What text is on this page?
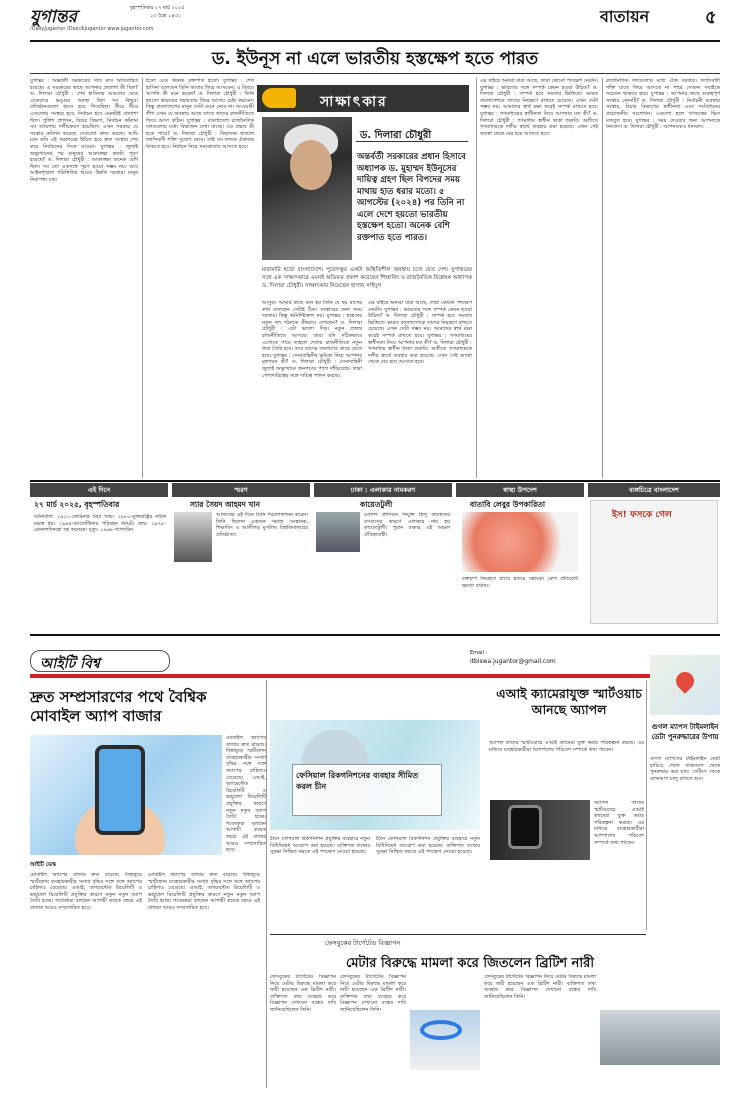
যুগান্তর	বৃহস্পতিবার ২৭ মার্চ ২০২৫
১৩ চৈত্র ১৪৩১
/DailyJugantor /DainikJugantor www.jugantor.com
বাতায়ন	৫
ড. ইউনূস না এলে ভারতীয় হস্তক্ষেপ হতে পারত
যুগান্তর : অন্তর্বর্তী সরকারের সাত মাস অতিবাহিত হয়েছে। এ সরকারের কাছে আপনার প্রত্যাশা কী ছিল? ড. দিলারা চৌধুরী : শেখ হাসিনার আমলের যেরে একেবারে ভঙ্গুর অবস্থা ছিল সব কিছুর। প্রতিষ্ঠানগুলো ধ্বংস হয়ে গিয়েছিল। ধীরে ধীরে এগুলোর সংস্কার হবে, নির্বাচন হবে এমনটাই প্রত্যাশা ছিল। পুলিশ প্রশাসন, বিচার বিভাগ, নির্বাচন কমিশন সব জায়গায় দলীয়করণ হয়েছিল। এখন সরকার যে সংস্কার কমিশন করেছে সেগুলো কাজ করছে। আমি মনে করি এই সরকারের উচিত হবে দ্রুত সংস্কার শেষ করে নির্বাচনের দিকে যাওয়া। যুগান্তর : জুলাই অভ্যুত্থানের পর মানুষের আকাঙ্ক্ষা কতটা পূরণ হয়েছে? ড. দিলারা চৌধুরী : আকাঙ্ক্ষা অনেক বেশি ছিল। সব তো একসঙ্গে পূরণ হওয়া সম্ভব নয়। তবে আইনশৃঙ্খলা পরিস্থিতির আরও উন্নতি দরকার। মানুষ নিরাপত্তা চায়।
হতো এবং অনেক রক্তপাত হতো। যুগান্তর : শেখ হাসিনা বলেছেন তিনি আবার ফিরে আসবেন। এ বিষয়ে আপনি কী মনে করেন? ড. দিলারা চৌধুরী : তিনি হয়তো ভারতের সহায়তায় ফিরে আসার চেষ্টা করবেন। কিন্তু বাংলাদেশের মানুষ সেটা মেনে নেবে না। আওয়ামী লীগ এখন যে অবস্থায় আছে তাতে তাদের রাজনীতিতে ফিরে আসা কঠিন। যুগান্তর : বাংলাদেশে রাজনৈতিক দলগুলোর মধ্যে বিভাজন দেখা যাচ্ছে। এর প্রভাব কী হতে পারে? ড. দিলারা চৌধুরী : বিভাজন থাকলে ফ্যাসিবাদী শক্তি সুযোগ নেবে। তাই সব দলকে ঐক্যবদ্ধ থাকতে হবে। নির্বাচন নিয়ে সমঝোতায় আসতে হবে।
সাক্ষাৎকার
ড. দিলারা চৌধুরী
অন্তর্বর্তী সরকারের প্রধান হিসাবে অধ্যাপক ড. মুহাম্মদ ইউনূসের দায়িত্ব গ্রহণ ছিল বিপদের সময় মাথায় হাত ধরার মতো। ৫ আগস্টের (২০২৪) পর তিনি না এলে দেশে হয়তো ভারতীয় হস্তক্ষেপ হতো। অনেক বেশি রক্তপাত হতে পারত।
মারামারি হতো বাংলাদেশে। পুরোদস্তুর একটা অস্থিতিশীল অবস্থায় চলে যেত দেশ। যুগান্তরের সঙ্গে এক সাক্ষাৎকারে এমনই অভিমত প্রকাশ করেছেন শিক্ষাবিদ ও রাজনৈতিক বিশ্লেষক অধ্যাপক ড. দিলারা চৌধুরী। সাক্ষাৎকার নিয়েছেন হাসান সাইদুল
আসুক। আমার কাছে মনে হয় তিনি যে ছয় মাসের কথা বলেছেন সেটাই ঠিক। সংস্কারের জন্য সময় দরকার। কিন্তু অনির্দিষ্টকাল নয়। যুগান্তর : ছাত্রদের নতুন দল গঠনকে কীভাবে দেখছেন? ড. দিলারা চৌধুরী : এটা ভালো দিক। নতুন প্রজন্ম রাজনীতিতে আসছে। তারা যদি সঠিকভাবে এগোতে পারে তাহলে দেশের রাজনীতিতে নতুন ধারা তৈরি হবে। তবে তাদের জনগণের কাছে যেতে হবে। যুগান্তর : সেনাবাহিনীর ভূমিকা নিয়ে আপনার মূল্যায়ন কী? ড. দিলারা চৌধুরী : সেনাবাহিনী জুলাই অভ্যুত্থানে জনগণের পাশে দাঁড়িয়েছে। তারা পেশাদারিত্বের সঙ্গে দায়িত্ব পালন করছে।
এর বাইরে অন্যরা যারা আছে, তারা কোনো পদক্ষেপ নেয়নি। যুগান্তর : ভারতের সঙ্গে সম্পর্ক কেমন হওয়া উচিত? ড. দিলারা চৌধুরী : সম্পর্ক হবে সমতার ভিত্তিতে। ভারত বাংলাদেশকে তাদের নিয়ন্ত্রণে রাখতে চেয়েছে। এখন সেটা সম্ভব নয়। আমাদের স্বার্থ রক্ষা করেই সম্পর্ক রাখতে হবে। যুগান্তর : গণমাধ্যমের স্বাধীনতা নিয়ে আপনার মত কী? ড. দিলারা চৌধুরী : গণমাধ্যম স্বাধীন থাকা জরুরি। অতীতে গণমাধ্যমকে দলীয় স্বার্থে ব্যবহার করা হয়েছে। এখন সেই অবস্থা থেকে বের হয়ে আসতে হবে।
এর বাইরে অন্যরা যারা আছে, তারা কোনো পদক্ষেপ নেয়নি। যুগান্তর : ভারতের সঙ্গে সম্পর্ক কেমন হওয়া উচিত? ড. দিলারা চৌধুরী : সম্পর্ক হবে সমতার ভিত্তিতে। ভারত বাংলাদেশকে তাদের নিয়ন্ত্রণে রাখতে চেয়েছে। এখন সেটা সম্ভব নয়। আমাদের স্বার্থ রক্ষা করেই সম্পর্ক রাখতে হবে। যুগান্তর : গণমাধ্যমের স্বাধীনতা নিয়ে আপনার মত কী? ড. দিলারা চৌধুরী : গণমাধ্যম স্বাধীন থাকা জরুরি। অতীতে গণমাধ্যমকে দলীয় স্বার্থে ব্যবহার করা হয়েছে। এখন সেই অবস্থা থেকে বের হয়ে আসতে হবে।
রাজনৈতিক দলগুলোর মধ্যে ঐক্য দরকার। ফ্যাসিবাদী শক্তি যাতে ফিরে আসতে না পারে সেজন্য সবাইকে সচেতন থাকতে হবে। যুগান্তর : আপনার কাছে গুরুত্বপূর্ণ সংস্কার কোনটি? ড. দিলারা চৌধুরী : নির্বাচনী ব্যবস্থার সংস্কার, বিচার বিভাগের স্বাধীনতা এবং সংবিধানের প্রয়োজনীয় সংশোধন। এগুলো হলে গণতন্ত্রের ভিত মজবুত হবে। যুগান্তর : সময় দেওয়ার জন্য আপনাকে ধন্যবাদ। ড. দিলারা চৌধুরী : আপনাকেও ধন্যবাদ।
এই দিনে
২৭ মার্চ ২০২৫, বৃহস্পতিবার
ঘটনাবলি: ১৯১০-জেরিনার মিয়া জন্ম। ১৮৮০-যুক্তরাষ্ট্রের নাটক মঞ্চস্থ হয়। ১৯৬৫-আর্জেন্টিনার পরিবহন ধর্মঘট। জন্ম: ১৯৭৮-রোনালদিনহো সহ অনেকে। মৃত্যু: ১৯৬৮-গ্যাগারিন
স্মরণ
স্যার সৈয়দ আহমদ খান
আজকের এই দিনে তিনি পরলোকগমন করেন। তিনি ছিলেন একজন সমাজ সংস্কারক, শিক্ষাবিদ ও আলীগড় মুসলিম বিশ্ববিদ্যালয়ের প্রতিষ্ঠাতা।
ঢাকা : এলাকার নামকরণ
কায়েতটুলী
মোগল প্রশাসনে নিযুক্ত হিন্দু কায়স্থদের বসবাসের কারণে এলাকার নাম হয় কায়েতটুলী। পুরান ঢাকার এই অঞ্চল ঐতিহ্যবাহী।
স্বাস্থ্য উপদেশ
বাতাবি লেবুর উপকারিতা
রক্তচাপ নিয়ন্ত্রণে রাখে। হজমে সহায়ক। রোগ প্রতিরোধ ক্ষমতা বাড়ায়।
ব্যঙ্গচিত্রে বাংলাদেশ
ইস! ফসকে গেল
আইটি বিশ্ব
Email :
itbiswa.jugantor@gmail.com
দ্রুত সম্প্রসারণের পথে বৈশ্বিক মোবাইল অ্যাপ বাজার
মোবাইল অ্যাপের বাজার দ্রুত বাড়ছে। বিশ্বজুড়ে স্মার্টফোন ব্যবহারকারীর সংখ্যা বৃদ্ধির সঙ্গে সঙ্গে অ্যাপের চাহিদাও বেড়েছে। এআই, অগমেন্টেড রিয়েলিটি ও ভার্চুয়াল রিয়েলিটি প্রযুক্তির কারণে নতুন নতুন অ্যাপ তৈরি হচ্ছে। গবেষকরা বলছেন আগামী কয়েক বছরে এই বাজার আরও সম্প্রসারিত হবে।
আইটি ডেস্ক
মোবাইল অ্যাপের বাজার দ্রুত বাড়ছে। বিশ্বজুড়ে স্মার্টফোন ব্যবহারকারীর সংখ্যা বৃদ্ধির সঙ্গে সঙ্গে অ্যাপের চাহিদাও বেড়েছে। এআই, অগমেন্টেড রিয়েলিটি ও ভার্চুয়াল রিয়েলিটি প্রযুক্তির কারণে নতুন নতুন অ্যাপ তৈরি হচ্ছে। গবেষকরা বলছেন আগামী কয়েক বছরে এই বাজার আরও সম্প্রসারিত হবে।
মোবাইল অ্যাপের বাজার দ্রুত বাড়ছে। বিশ্বজুড়ে স্মার্টফোন ব্যবহারকারীর সংখ্যা বৃদ্ধির সঙ্গে সঙ্গে অ্যাপের চাহিদাও বেড়েছে। এআই, অগমেন্টেড রিয়েলিটি ও ভার্চুয়াল রিয়েলিটি প্রযুক্তির কারণে নতুন নতুন অ্যাপ তৈরি হচ্ছে। গবেষকরা বলছেন আগামী কয়েক বছরে এই বাজার আরও সম্প্রসারিত হবে।
ফেসিয়াল রিকগনিশনের ব্যবহার সীমিত করল চীন
চীনে ফেসিয়াল রিকগনিশন প্রযুক্তির ব্যবহারে নতুন বিধিনিষেধ আরোপ করা হয়েছে। ব্যক্তিগত তথ্যের সুরক্ষা নিশ্চিত করতে এই পদক্ষেপ নেওয়া হয়েছে।
চীনে ফেসিয়াল রিকগনিশন প্রযুক্তির ব্যবহারে নতুন বিধিনিষেধ আরোপ করা হয়েছে। ব্যক্তিগত তথ্যের সুরক্ষা নিশ্চিত করতে এই পদক্ষেপ নেওয়া হয়েছে।
এআই ক্যামেরাযুক্ত স্মার্টওয়াচ আনছে অ্যাপল
অ্যাপল তাদের স্মার্টওয়াচে এআই ক্যামেরা যুক্ত করার পরিকল্পনা করছে। এর মাধ্যমে ব্যবহারকারীরা আশপাশের পরিবেশ সম্পর্কে তথ্য পাবেন।
অ্যাপল তাদের স্মার্টওয়াচে এআই ক্যামেরা যুক্ত করার পরিকল্পনা করছে। এর মাধ্যমে ব্যবহারকারীরা আশপাশের পরিবেশ সম্পর্কে তথ্য পাবেন।
গুগল ম্যাপস টাইমলাইন ডেটা পুনরুদ্ধারের উপায়
গুগল ম্যাপসের টাইমলাইন ডেটা হারিয়ে গেলে ব্যাকআপ থেকে পুনরুদ্ধার করা যায়। সেটিংস থেকে ব্যাকআপ চালু রাখতে হবে।
ফেসবুকের টার্গেটেড বিজ্ঞাপন
মেটার বিরুদ্ধে মামলা করে জিতলেন ব্রিটিশ নারী
ফেসবুকের টার্গেটেড বিজ্ঞাপন নিয়ে মেটার বিরুদ্ধে মামলা করে জয়ী হয়েছেন এক ব্রিটিশ নারী। ব্যক্তিগত তথ্য ব্যবহার করে বিজ্ঞাপন দেখানো বন্ধের দাবি জানিয়েছিলেন তিনি।
ফেসবুকের টার্গেটেড বিজ্ঞাপন নিয়ে মেটার বিরুদ্ধে মামলা করে জয়ী হয়েছেন এক ব্রিটিশ নারী। ব্যক্তিগত তথ্য ব্যবহার করে বিজ্ঞাপন দেখানো বন্ধের দাবি জানিয়েছিলেন তিনি।
ফেসবুকের টার্গেটেড বিজ্ঞাপন নিয়ে মেটার বিরুদ্ধে মামলা করে জয়ী হয়েছেন এক ব্রিটিশ নারী। ব্যক্তিগত তথ্য ব্যবহার করে বিজ্ঞাপন দেখানো বন্ধের দাবি জানিয়েছিলেন তিনি।
